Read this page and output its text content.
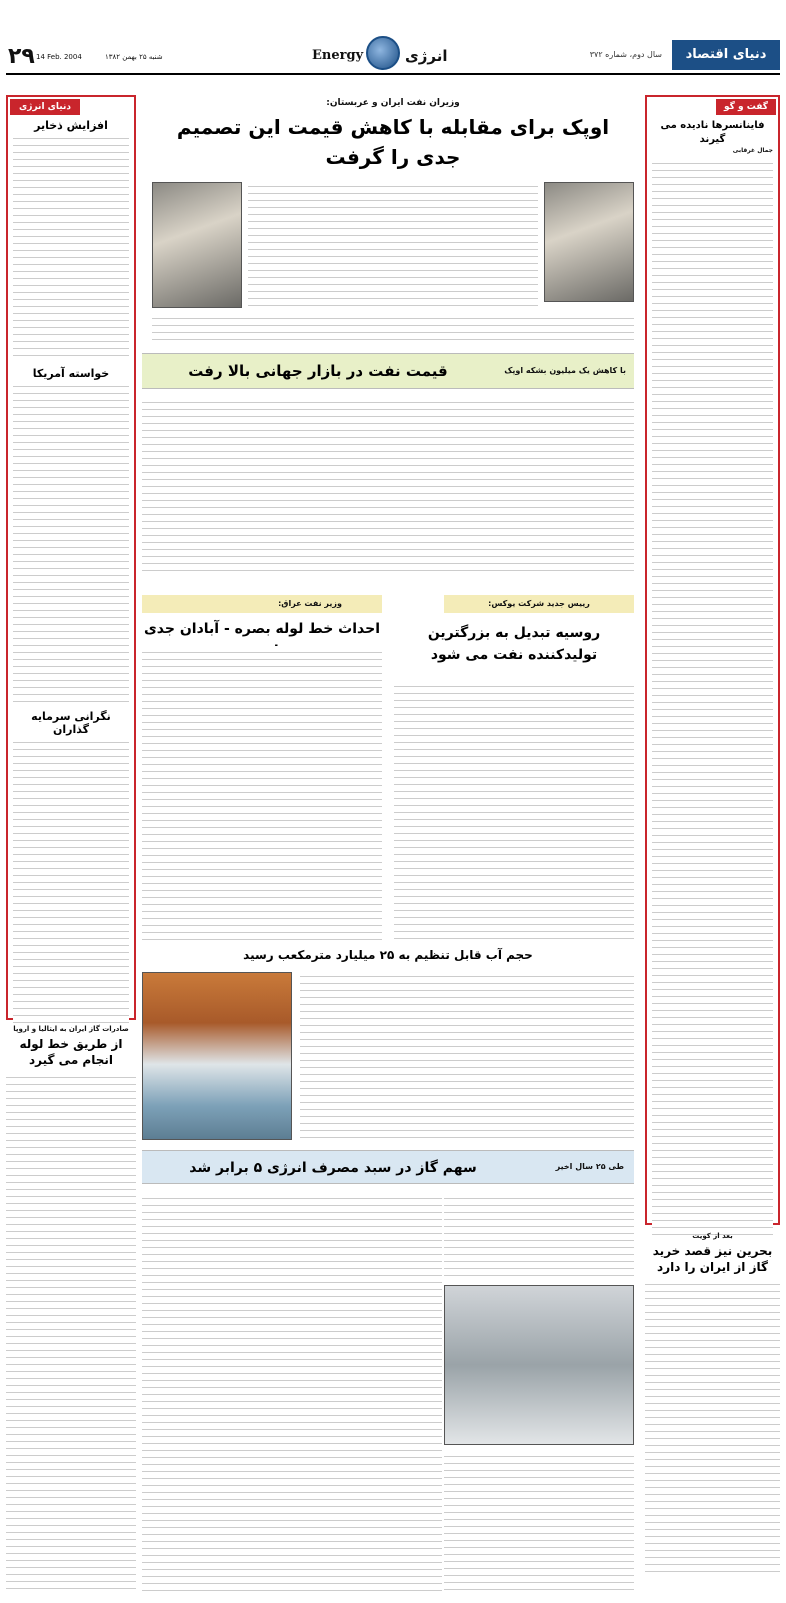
دنیای اقتصاد
سال دوم، شماره ۳۷۲
انرژی
Energy
شنبه ۲۵ بهمن ۱۳۸۲
14 Feb. 2004
۲۹
دنیای انرژی
افزایش ذخایر
خواسته آمریکا
نگرانی سرمایه گذاران
صادرات گاز ایران به ایتالیا و اروپا
از طریق خط لوله انجام می گیرد
گفت و گو
فاینانسرها نادیده می گیرند
جمال غرقابی
بعد از کویت
بحرین نیز قصد خرید گاز از ایران را دارد
وزیران نفت ایران و عربستان:
اوپک برای مقابله با کاهش قیمت این تصمیم جدی را گرفت
با کاهش یک میلیون بشکه اوپک
قیمت نفت در بازار جهانی بالا رفت
رییس جدید شرکت یوکس:
روسیه تبدیل به بزرگترین تولیدکننده نفت می شود
وزیر نفت عراق:
احداث خط لوله بصره - آبادان جدی
حجم آب قابل تنظیم به ۲۵ میلیارد مترمکعب رسید
طی ۲۵ سال اخیر
سهم گاز در سبد مصرف انرژی ۵ برابر شد
